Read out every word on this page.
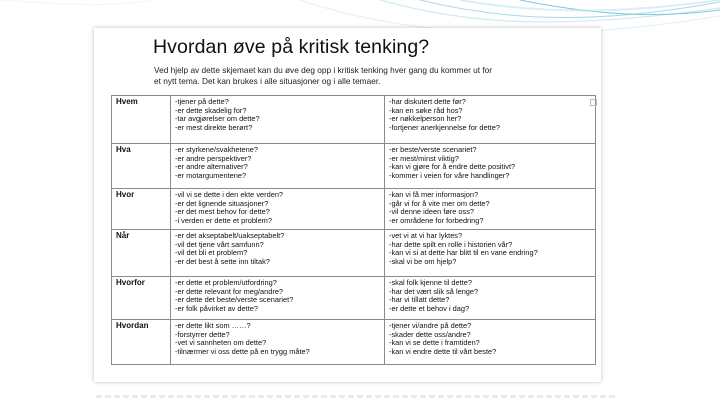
Hvordan øve på kritisk tenking?
Ved hjelp av dette skjemaet kan du øve deg opp i kritisk tenking hver gang du kommer ut for
et nytt tema. Det kan brukes i alle situasjoner og i alle temaer.
Hvem	-tjener på dette?
-er dette skadelig for?
-tar avgjørelser om dette?
-er mest direkte berørt?	-har diskutert dette før?
-kan en søke råd hos?
-er nøkkelperson her?
-fortjener anerkjennelse for dette?

Hva	-er styrkene/svakhetene?
-er andre perspektiver?
-er andre alternativer?
-er motargumentene?	-er beste/verste scenariet?
-er mest/minst viktig?
-kan vi gjøre for å endre dette positivt?
-kommer i veien for våre handlinger?

Hvor	-vil vi se dette i den ekte verden?
-er det lignende situasjoner?
-er det mest behov for dette?
-i verden er dette et problem?	-kan vi få mer informasjon?
-går vi for å vite mer om dette?
-vil denne ideen føre oss?
-er områdene for forbedring?

Når	-er det akseptabelt/uakseptabelt?
-vil det tjene vårt samfunn?
-vil det bli et problem?
-er det best å sette inn tiltak?	-vet vi at vi har lyktes?
-har dette spilt en rolle i historien vår?
-kan vi si at dette har blitt til en vane endring?
-skal vi be om hjelp?

Hvorfor	-er dette et problem/utfordring?
-er dette relevant for meg/andre?
-er dette det beste/verste scenariet?
-er folk påvirket av dette?	-skal folk kjenne til dette?
-har det vært slik så lenge?
-har vi tillatt dette?
-er dette et behov i dag?

Hvordan	-er dette likt som ……?
-forstyrrer dette?
-vet vi sannheten om dette?
-tilnærmer vi oss dette på en trygg måte?	-tjener vi/andre på dette?
-skader dette oss/andre?
-kan vi se dette i framtiden?
-kan vi endre dette til vårt beste?
